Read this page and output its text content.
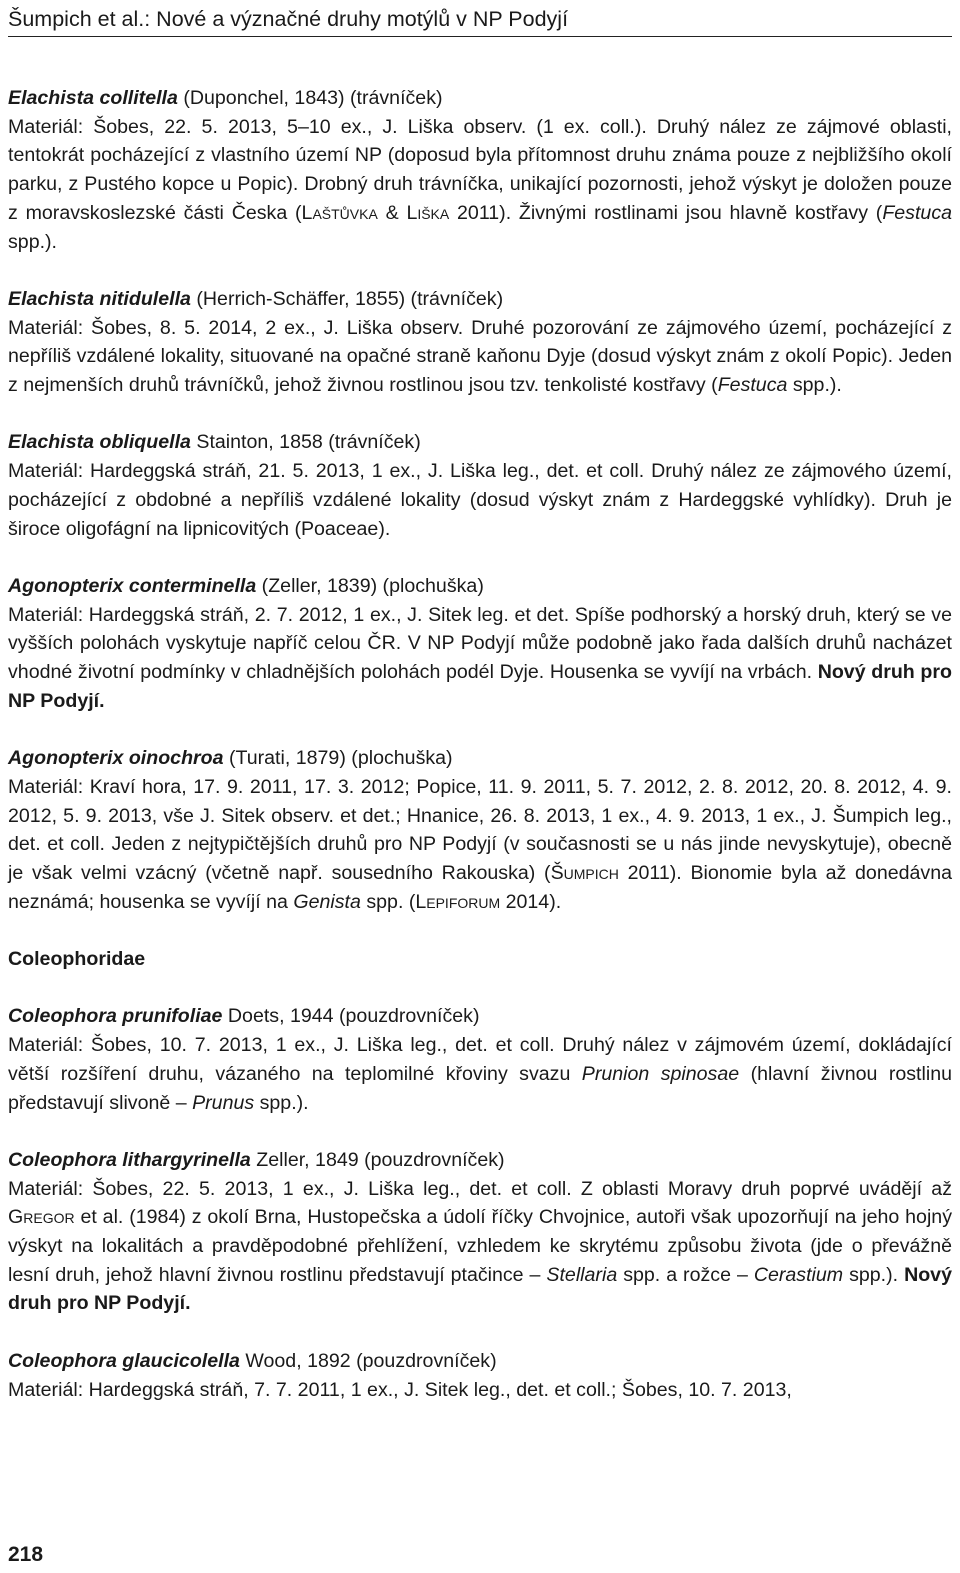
Šumpich et al.: Nové a význačné druhy motýlů v NP Podyjí

Elachista collitella (Duponchel, 1843) (trávníček)

Materiál: Šobes, 22. 5. 2013, 5–10 ex., J. Liška observ. (1 ex. coll.). Druhý nález ze zájmové oblasti, tentokrát pocházející z vlastního území NP (doposud byla přítomnost druhu známa pouze z nejbližšího okolí parku, z Pustého kopce u Popic). Drobný druh trávníčka, unikající pozornosti, jehož výskyt je doložen pouze z moravskoslezské části Česka (Laštůvka & Liška 2011). Živnými rostlinami jsou hlavně kostřavy (Festuca spp.).

Elachista nitidulella (Herrich-Schäffer, 1855) (trávníček)

Materiál: Šobes, 8. 5. 2014, 2 ex., J. Liška observ. Druhé pozorování ze zájmového území, pocházející z nepříliš vzdálené lokality, situované na opačné straně kaňonu Dyje (dosud výskyt znám z okolí Popic). Jeden z nejmenších druhů trávníčků, jehož živnou rostlinou jsou tzv. tenkolisté kostřavy (Festuca spp.).

Elachista obliquella Stainton, 1858 (trávníček)

Materiál: Hardeggská stráň, 21. 5. 2013, 1 ex., J. Liška leg., det. et coll. Druhý nález ze zájmového území, pocházející z obdobné a nepříliš vzdálené lokality (dosud výskyt znám z Hardeggské vyhlídky). Druh je široce oligofágní na lipnicovitých (Poaceae).

Agonopterix conterminella (Zeller, 1839) (plochuška)

Materiál: Hardeggská stráň, 2. 7. 2012, 1 ex., J. Sitek leg. et det. Spíše podhorský a horský druh, který se ve vyšších polohách vyskytuje napříč celou ČR. V NP Podyjí může podobně jako řada dalších druhů nacházet vhodné životní podmínky v chladnějších polohách podél Dyje. Housenka se vyvíjí na vrbách. Nový druh pro NP Podyjí.

Agonopterix oinochroa (Turati, 1879) (plochuška)

Materiál: Kraví hora, 17. 9. 2011, 17. 3. 2012; Popice, 11. 9. 2011, 5. 7. 2012, 2. 8. 2012, 20. 8. 2012, 4. 9. 2012, 5. 9. 2013, vše J. Sitek observ. et det.; Hnanice, 26. 8. 2013, 1 ex., 4. 9. 2013, 1 ex., J. Šumpich leg., det. et coll. Jeden z nejtypičtějších druhů pro NP Podyjí (v současnosti se u nás jinde nevyskytuje), obecně je však velmi vzácný (včetně např. sousedního Rakouska) (Šumpich 2011). Bionomie byla až donedávna neznámá; housenka se vyvíjí na Genista spp. (Lepiforum 2014).

Coleophoridae

Coleophora prunifoliae Doets, 1944 (pouzdrovníček)

Materiál: Šobes, 10. 7. 2013, 1 ex., J. Liška leg., det. et coll. Druhý nález v zájmovém území, dokládající větší rozšíření druhu, vázaného na teplomilné křoviny svazu Prunion spinosae (hlavní živnou rostlinu představují slivoně – Prunus spp.).

Coleophora lithargyrinella Zeller, 1849 (pouzdrovníček)

Materiál: Šobes, 22. 5. 2013, 1 ex., J. Liška leg., det. et coll. Z oblasti Moravy druh poprvé uvádějí až Gregor et al. (1984) z okolí Brna, Hustopečska a údolí říčky Chvojnice, autoři však upozorňují na jeho hojný výskyt na lokalitách a pravděpodobné přehlížení, vzhledem ke skrytému způsobu života (jde o převážně lesní druh, jehož hlavní živnou rostlinu představují ptačince – Stellaria spp. a rožce – Cerastium spp.). Nový druh pro NP Podyjí.

Coleophora glaucicolella Wood, 1892 (pouzdrovníček)

Materiál: Hardeggská stráň, 7. 7. 2011, 1 ex., J. Sitek leg., det. et coll.; Šobes, 10. 7. 2013,

218
